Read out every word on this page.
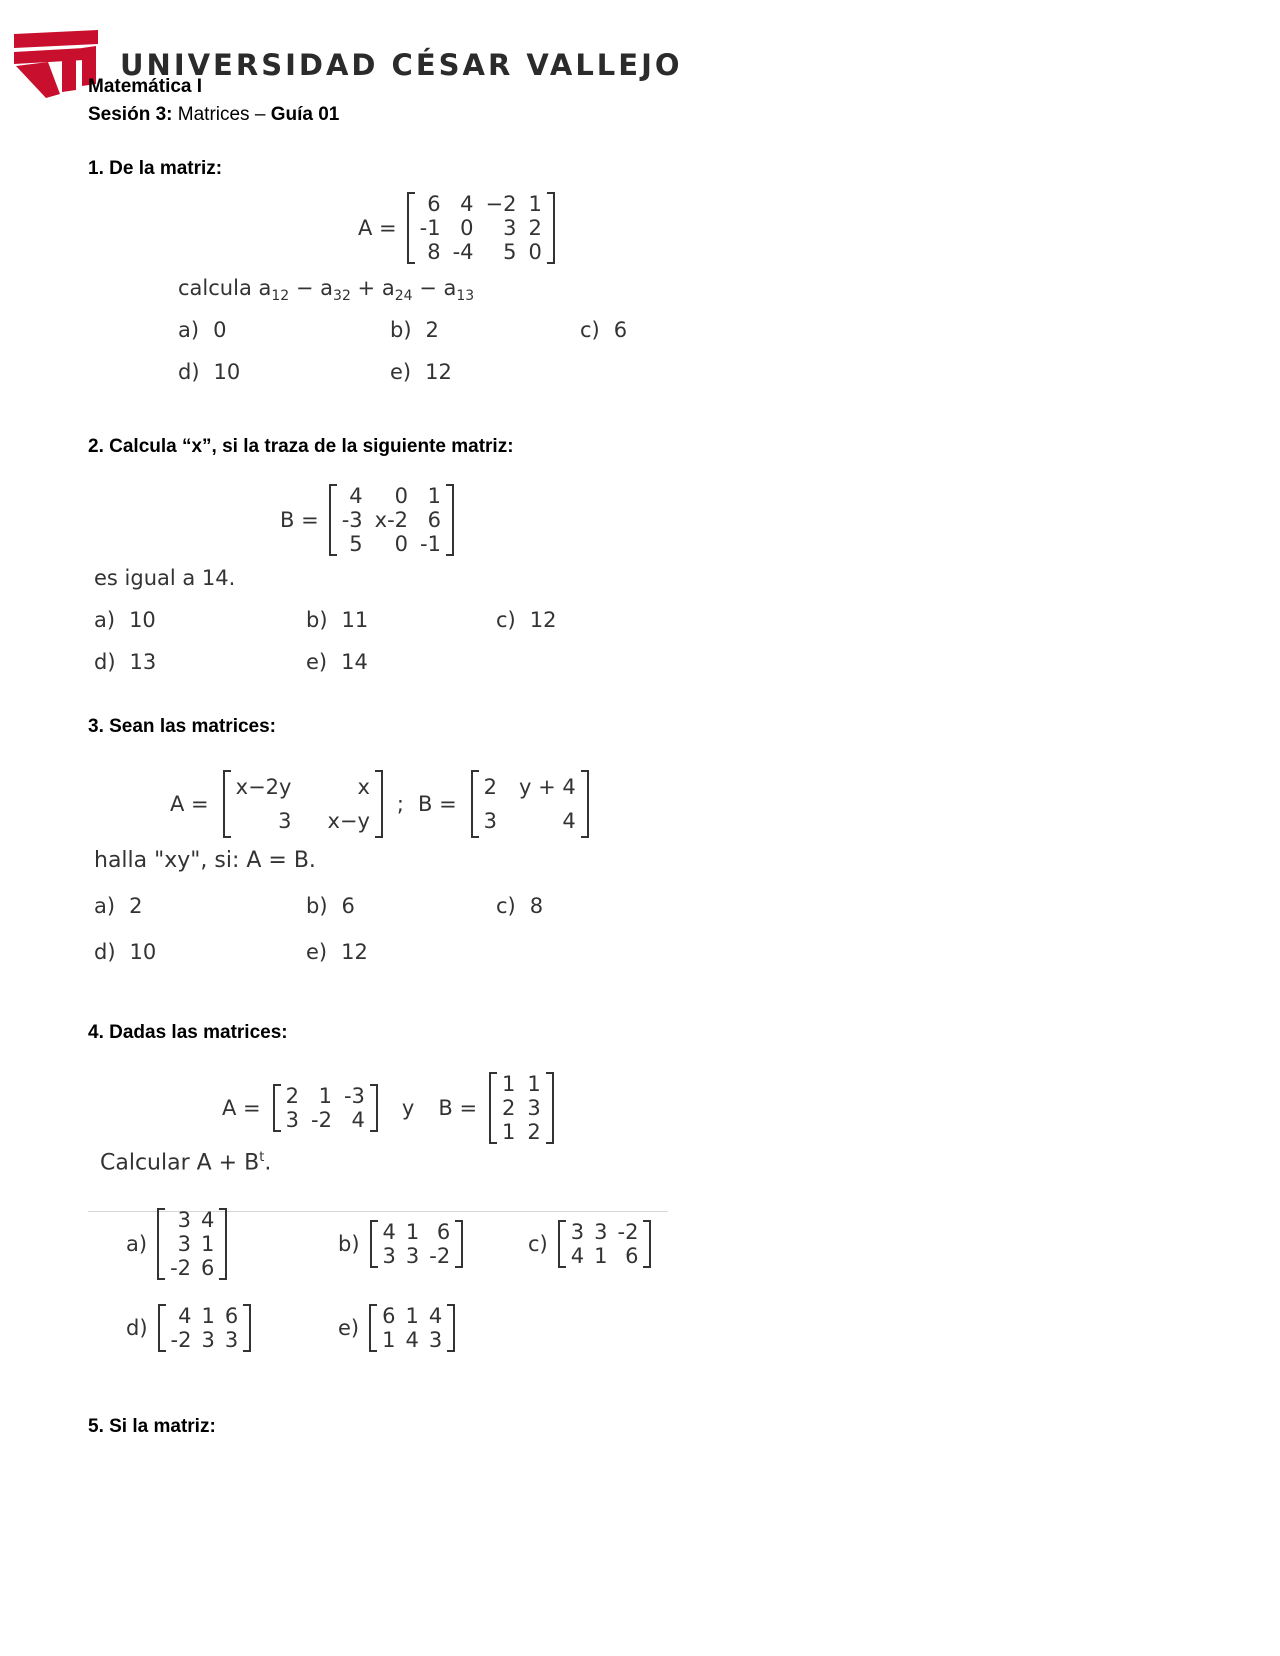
UNIVERSIDAD CÉSAR VALLEJO
Matemática I
Sesión 3: Matrices – Guía 01
1. De la matriz:
A =
6 4 −2 1
-1 0	3 2
8 -4	5 0
calcula $a_{12} - a_{32} + a_{24} - a_{13}$
a) 0	b) 2	c) 6
d) 10	e) 12
2. Calcula “x”, si la traza de la siguiente matriz:
B =
4	0 1
-3 x-2 6
5	0 -1
es igual a 14.
a) 10	b) 11	c) 12
d) 13	e) 14
3. Sean las matrices:
A =
x−2y	x
3 x−y
; B =
2 y + 4
3	4
halla "xy", si: A = B.
a) 2	b) 6	c) 8
d) 10	e) 12
4. Dadas las matrices:
A = 2 1 -3
3 -2 4 y B =
1 1
2 3
1 2
Calcular $A + B^t$.
a)
3 4
3 1
-2 6
b) 4 1 6
3 3 -2	c) 3 3 -2
4 1 6
d)	4 1 6
-2 3 3	e) 6 1 4
1 4 3
5. Si la matriz:
